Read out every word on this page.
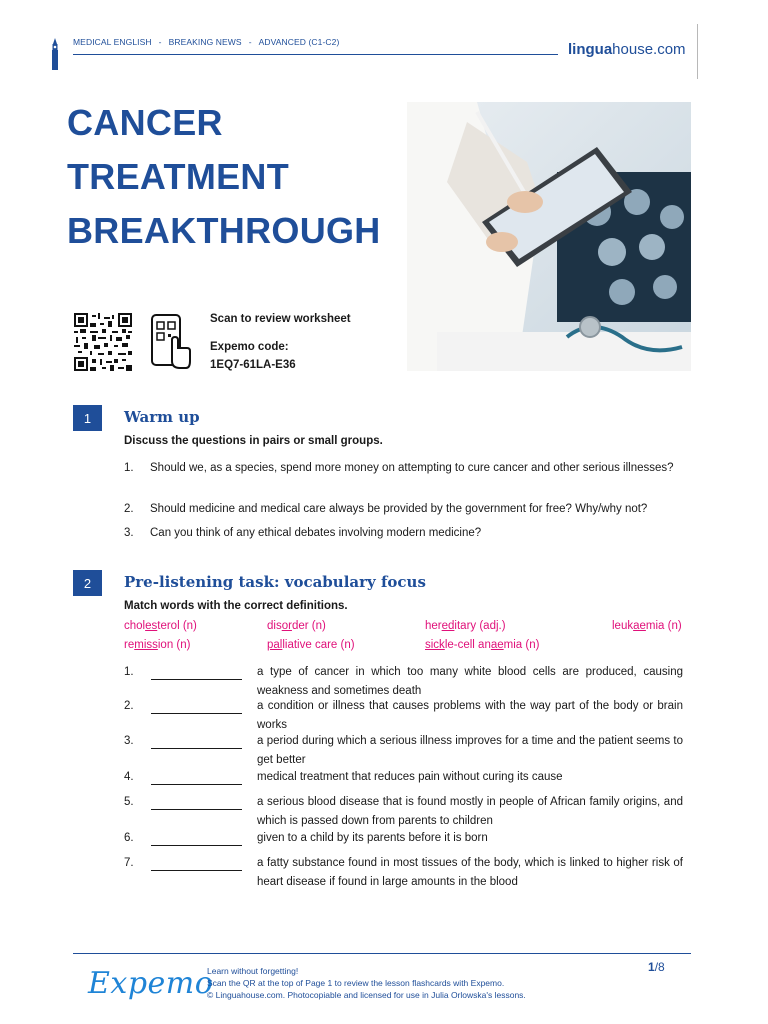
MEDICAL ENGLISH - BREAKING NEWS - ADVANCED (C1-C2)	linguahouse.com
CANCER
TREATMENT
BREAKTHROUGH
Scan to review worksheet
Expemo code:
1EQ7-61LA-E36
1	Warm up
Discuss the questions in pairs or small groups.
1. Should we, as a species, spend more money on attempting to cure cancer and other serious illnesses?
2. Should medicine and medical care always be provided by the government for free? Why/why not?
3. Can you think of any ethical debates involving modern medicine?
2	Pre-listening task: vocabulary focus
Match words with the correct definitions.
cholesterol (n)	disorder (n)	hereditary (adj.)	leukaemia (n)
remission (n)	palliative care (n)	sickle-cell anaemia (n)
1.	a type of cancer in which too many white blood cells are produced, causing weakness and sometimes death
2.	a condition or illness that causes problems with the way part of the body or brain works
3.	a period during which a serious illness improves for a time and the patient seems to get better
4.	medical treatment that reduces pain without curing its cause
5.	a serious blood disease that is found mostly in people of African family origins, and which is passed down from parents to children
6.	given to a child by its parents before it is born
7.	a fatty substance found in most tissues of the body, which is linked to higher risk of heart disease if found in large amounts in the blood
Expemo
Learn without forgetting!
Scan the QR at the top of Page 1 to review the lesson flashcards with Expemo.
© Linguahouse.com. Photocopiable and licensed for use in Julia Orlowska's lessons.
1/8
